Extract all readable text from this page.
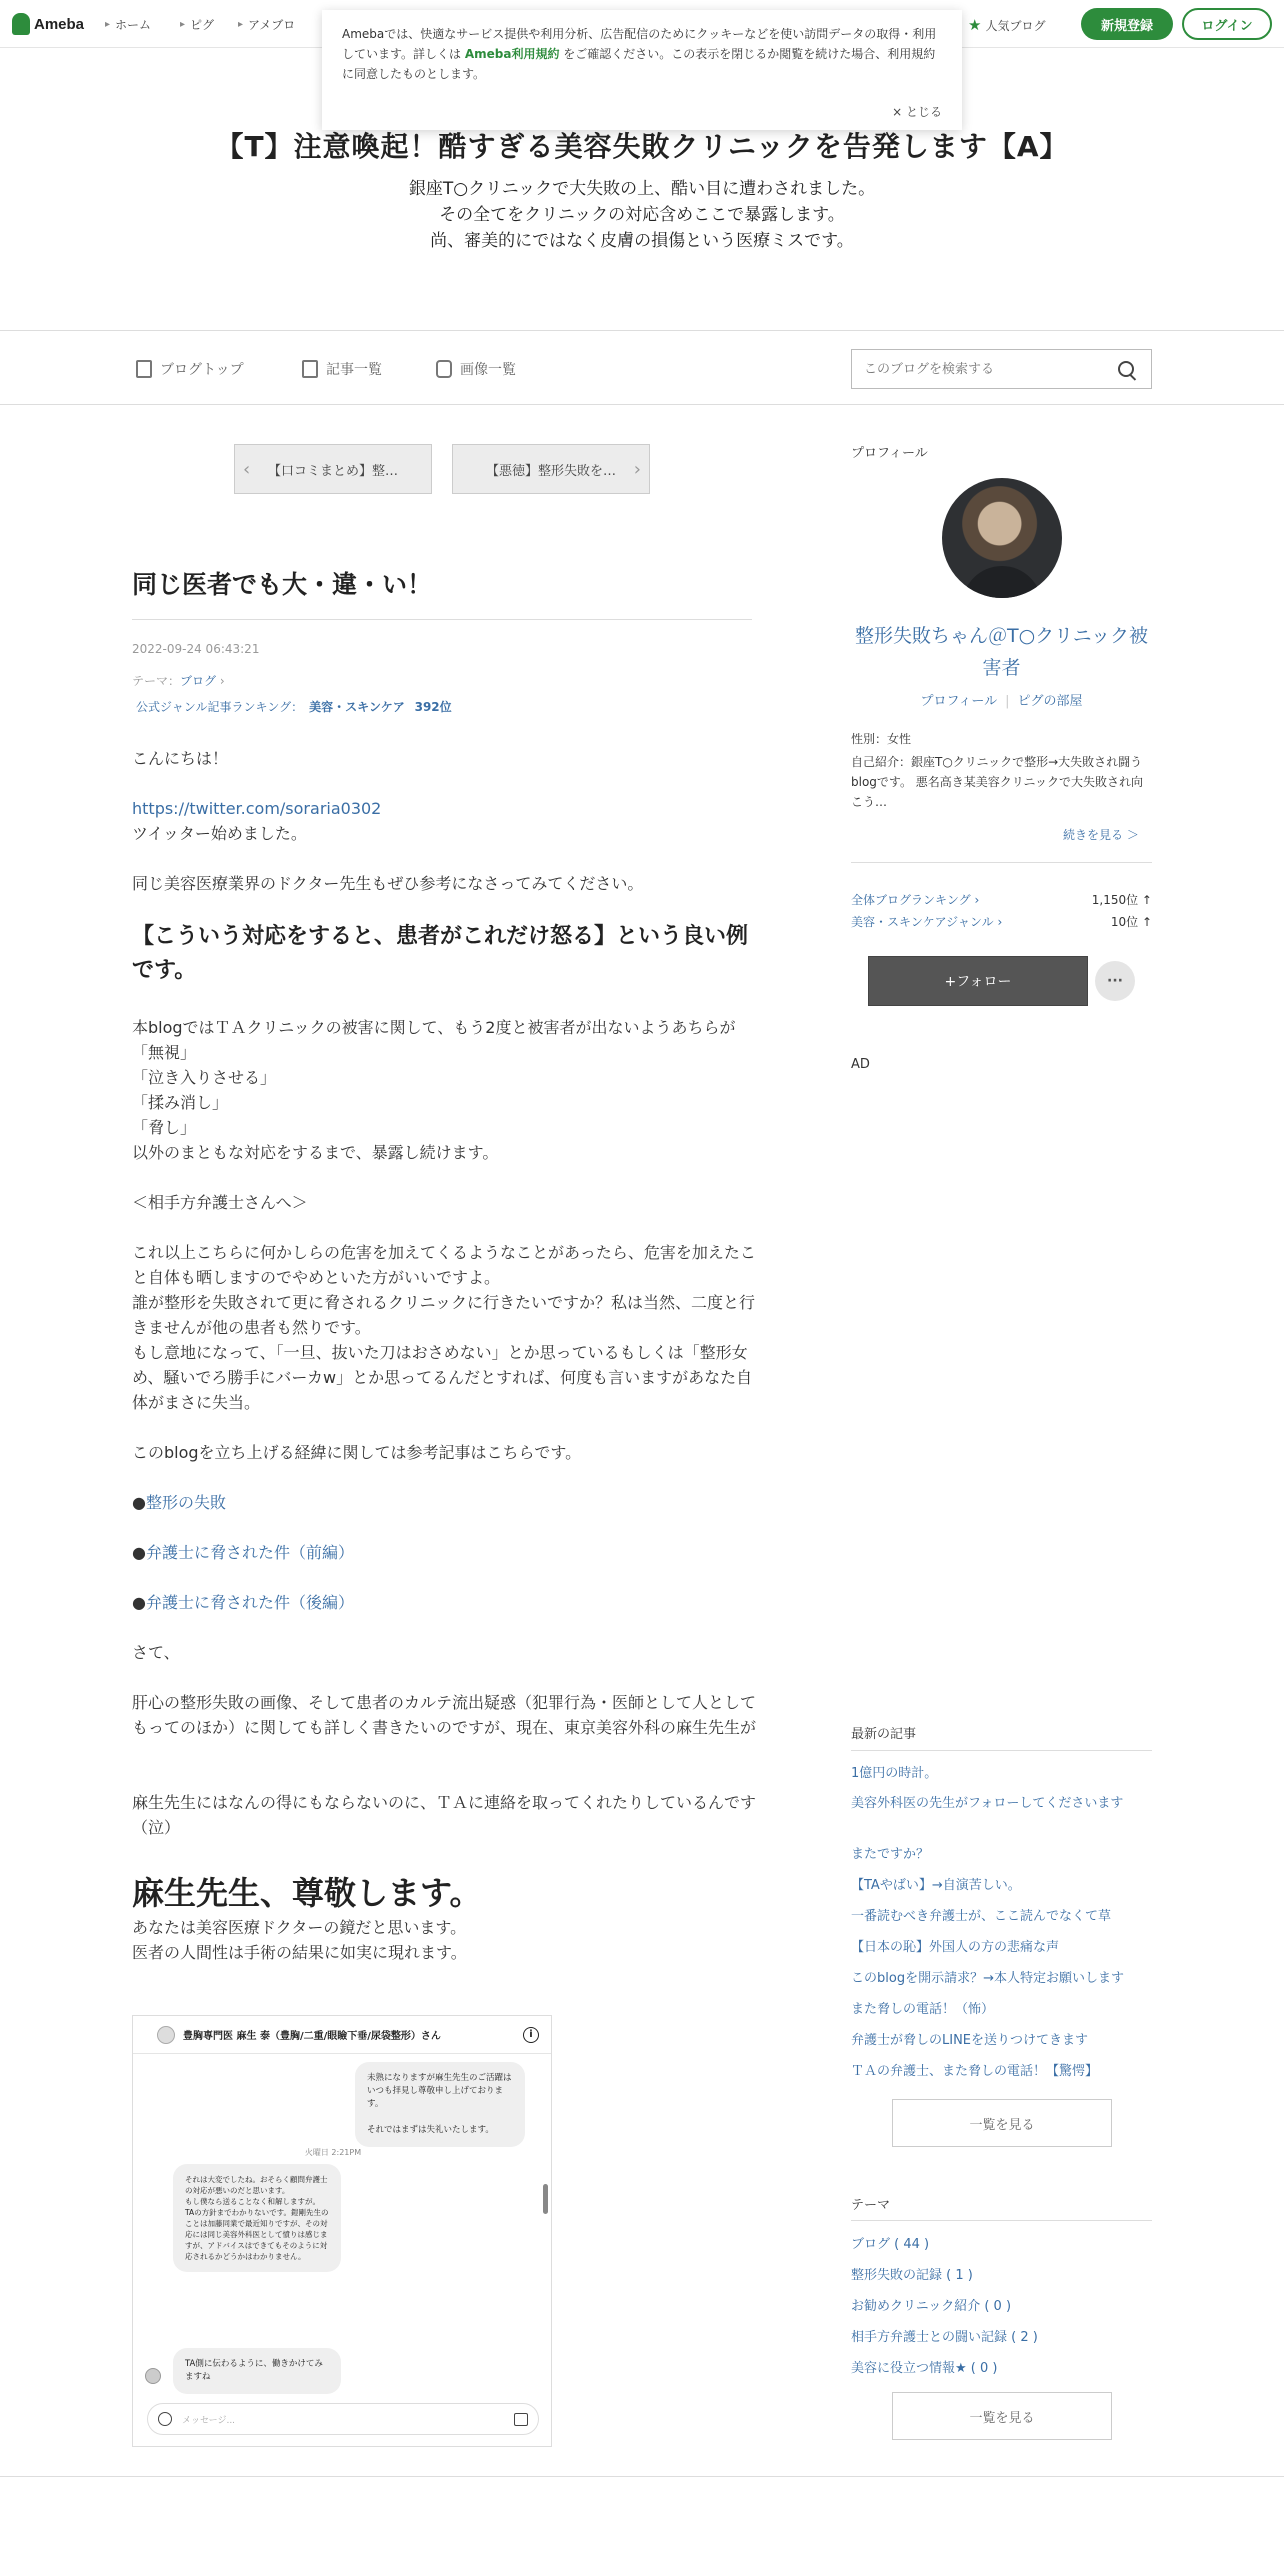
Ameba ▸ ホーム	▸ ピグ ▸ アメブロ	★ 人気ブログ	新規登録	ログイン
Amebaでは、快適なサービス提供や利用分析、広告配信のためにクッキーなどを使い訪問データの取得・利用しています。詳しくは Ameba利用規約 をご確認ください。この表示を閉じるか閲覧を続けた場合、利用規約に同意したものとします。
× とじる
【T】注意喚起！酷すぎる美容失敗クリニックを告発します【A】
銀座T○クリニックで大失敗の上、酷い目に遭わされました。
その全てをクリニックの対応含めここで暴露します。
尚、審美的にではなく皮膚の損傷という医療ミスです。
ブログトップ	記事一覧	画像一覧
このブログを検索する
‹ 【口コミまとめ】整…	【悪徳】整形失敗を… ›
同じ医者でも大・違・い！
2022-09-24 06:43:21
テーマ：ブログ ›
公式ジャンル記事ランキング： 美容・スキンケア 392位
こんにちは！
https://twitter.com/soraria0302
ツイッター始めました。
同じ美容医療業界のドクター先生もぜひ参考になさってみてください。
【こういう対応をすると、患者がこれだけ怒る】という良い例です。
本blogではＴＡクリニックの被害に関して、もう2度と被害者が出ないようあちらが
「無視」
「泣き入りさせる」
「揉み消し」
「脅し」
以外のまともな対応をするまで、暴露し続けます。
＜相手方弁護士さんへ＞
これ以上こちらに何かしらの危害を加えてくるようなことがあったら、危害を加えたこと自体も晒しますのでやめといた方がいいですよ。
誰が整形を失敗されて更に脅されるクリニックに行きたいですか？私は当然、二度と行きませんが他の患者も然りです。
もし意地になって、「一旦、抜いた刀はおさめない」とか思っているもしくは「整形女め、騒いでろ勝手にバーカw」とか思ってるんだとすれば、何度も言いますがあなた自体がまさに失当。
このblogを立ち上げる経緯に関しては参考記事はこちらです。
●整形の失敗
●弁護士に脅された件（前編）
●弁護士に脅された件（後編）
さて、
肝心の整形失敗の画像、そして患者のカルテ流出疑惑（犯罪行為・医師として人としてもってのほか）に関しても詳しく書きたいのですが、現在、東京美容外科の麻生先生が
麻生先生にはなんの得にもならないのに、ＴＡに連絡を取ってくれたりしているんです（泣）
麻生先生、尊敬します。
あなたは美容医療ドクターの鏡だと思います。
医者の人間性は手術の結果に如実に現れます。
豊胸専門医 麻生 泰（豊胸/二重/眼瞼下垂/尿袋整形）さん	i
未熟になりますが麻生先生のご活躍はいつも拝見し尊敬申し上げております。

それではまずは失礼いたします。
火曜日 2:21PM
それは大変でしたね。おそらく顧問弁護士の対応が悪いのだと思います。
もし僕なら送ることなく和解しますが。TAの方針までわかりないです。鎧剛先生のことは加藤同業で最近知りですが、その対応には同じ美容外科医として憤りは感じますが、アドバイスはできてもそのように対応されるかどうかはわかりません。
TA側に伝わるように、働きかけてみますね
メッセージ...
プロフィール
整形失敗ちゃん＠T○クリニック被害者
プロフィール | ピグの部屋
性別：女性
自己紹介：銀座T○クリニックで整形→大失敗され闘うblogです。 悪名高き某美容クリニックで大失敗され向こう…
続きを見る ＞
全体ブログランキング ›	1,150位 ↑
美容・スキンケアジャンル ›	10位 ↑
+フォロー	···
AD
最新の記事
1億円の時計。
美容外科医の先生がフォローしてくださいます
またですか？
【TAやばい】→自演苦しい。
一番読むべき弁護士が、ここ読んでなくて草
【日本の恥】外国人の方の悲痛な声
このblogを開示請求？→本人特定お願いします
また脅しの電話！（怖）
弁護士が脅しのLINEを送りつけてきます
ＴＡの弁護士、また脅しの電話！【驚愕】
一覧を見る
テーマ
ブログ ( 44 )
整形失敗の記録 ( 1 )
お勧めクリニック紹介 ( 0 )
相手方弁護士との闘い記録 ( 2 )
美容に役立つ情報★ ( 0 )
一覧を見る
